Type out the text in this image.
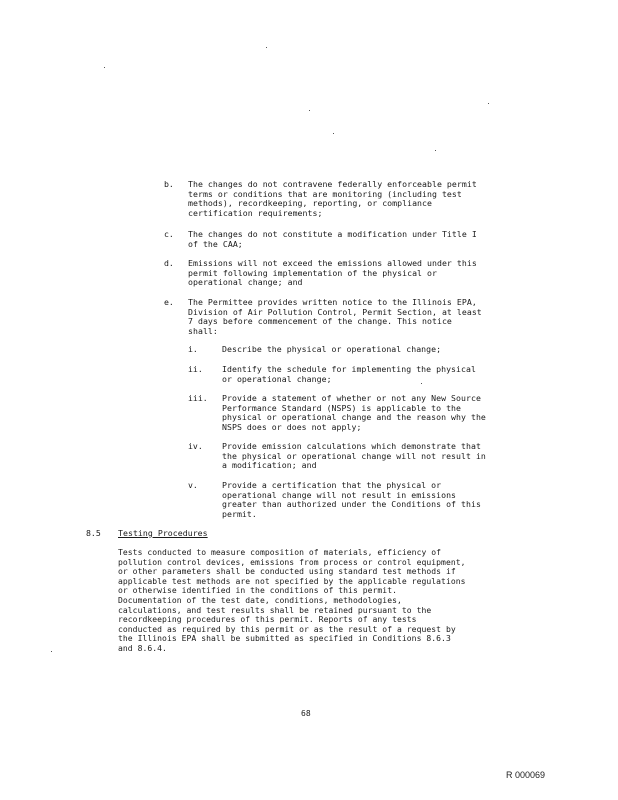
b. The changes do not contravene federally enforceable permit
terms or conditions that are monitoring (including test
methods), recordkeeping, reporting, or compliance
certification requirements;
c. The changes do not constitute a modification under Title I
of the CAA;
d. Emissions will not exceed the emissions allowed under this
permit following implementation of the physical or
operational change; and
e. The Permittee provides written notice to the Illinois EPA,
Division of Air Pollution Control, Permit Section, at least
7 days before commencement of the change. This notice
shall:
i.	Describe the physical or operational change;
ii. Identify the schedule for implementing the physical
or operational change;
iii. Provide a statement of whether or not any New Source
Performance Standard (NSPS) is applicable to the
physical or operational change and the reason why the
NSPS does or does not apply;
iv. Provide emission calculations which demonstrate that
the physical or operational change will not result in
a modification; and
v.	Provide a certification that the physical or
operational change will not result in emissions
greater than authorized under the Conditions of this
permit.
8.5 Testing Procedures
Tests conducted to measure composition of materials, efficiency of
pollution control devices, emissions from process or control equipment,
or other parameters shall be conducted using standard test methods if
applicable test methods are not specified by the applicable regulations
or otherwise identified in the conditions of this permit.
Documentation of the test date, conditions, methodologies,
calculations, and test results shall be retained pursuant to the
recordkeeping procedures of this permit. Reports of any tests
conducted as required by this permit or as the result of a request by
the Illinois EPA shall be submitted as specified in Conditions 8.6.3
and 8.6.4.
68
R 000069
